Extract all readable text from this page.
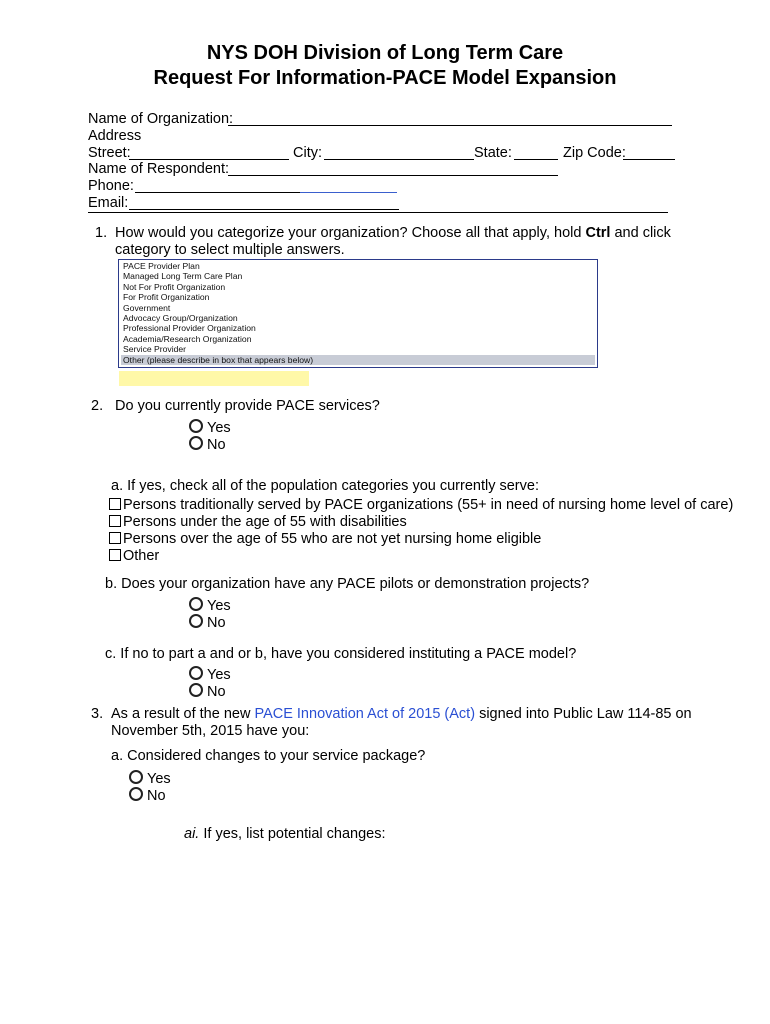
NYS DOH Division of Long Term Care
Request For Information-PACE Model Expansion
Name of Organization:
Address
Street:	City:	State:	Zip Code:
Name of Respondent:
Phone:
Email:
1. How would you categorize your organization? Choose all that apply, hold Ctrl and click
category to select multiple answers.
PACE Provider Plan
Managed Long Term Care Plan
Not For Profit Organization
For Profit Organization
Government
Advocacy Group/Organization
Professional Provider Organization
Academia/Research Organization
Service Provider
Other (please describe in box that appears below)
2. Do you currently provide PACE services?
Yes
No
a. If yes, check all of the population categories you currently serve:
Persons traditionally served by PACE organizations (55+ in need of nursing home level of care)
Persons under the age of 55 with disabilities
Persons over the age of 55 who are not yet nursing home eligible
Other
b. Does your organization have any PACE pilots or demonstration projects?
Yes
No
c. If no to part a and or b, have you considered instituting a PACE model?
Yes
No
3. As a result of the new PACE Innovation Act of 2015 (Act) signed into Public Law 114-85 on
November 5th, 2015 have you:
a. Considered changes to your service package?
Yes
No
ai. If yes, list potential changes:
